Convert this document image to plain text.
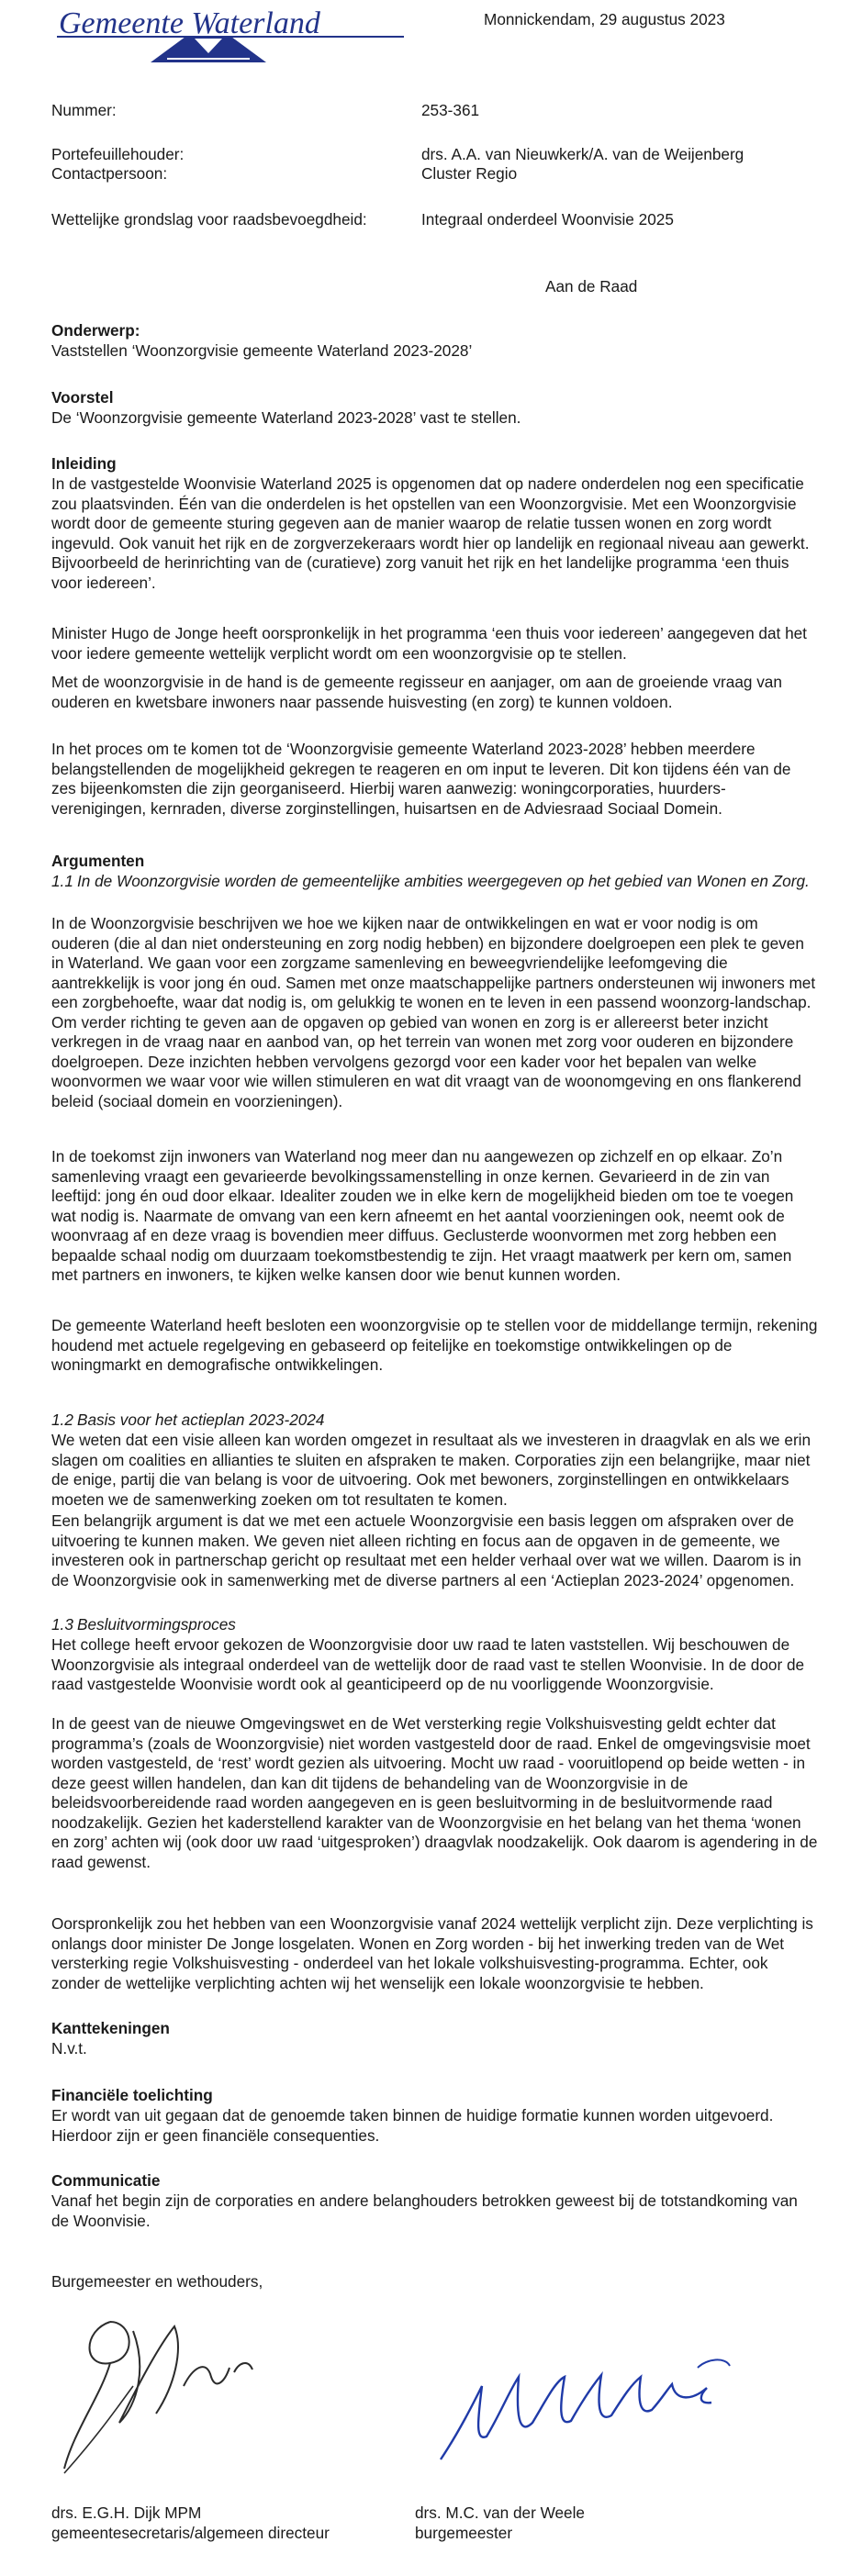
Gemeente Waterland	Monnickendam, 29 augustus 2023
Nummer:	253-361
Portefeuillehouder:	drs. A.A. van Nieuwkerk/A. van de Weijenberg
Contactpersoon:	Cluster Regio
Wettelijke grondslag voor raadsbevoegdheid:	Integraal onderdeel Woonvisie 2025
Aan de Raad
Onderwerp:
Vaststellen ‘Woonzorgvisie gemeente Waterland 2023-2028’
Voorstel
De ‘Woonzorgvisie gemeente Waterland 2023-2028’ vast te stellen.
Inleiding

In de vastgestelde Woonvisie Waterland 2025 is opgenomen dat op nadere onderdelen nog een specificatie zou plaatsvinden. Één van die onderdelen is het opstellen van een Woonzorgvisie. Met een Woonzorgvisie wordt door de gemeente sturing gegeven aan de manier waarop de relatie tussen wonen en zorg wordt ingevuld. Ook vanuit het rijk en de zorgverzekeraars wordt hier op landelijk en regionaal niveau aan gewerkt. Bijvoorbeeld de herinrichting van de (curatieve) zorg vanuit het rijk en het landelijke programma ‘een thuis voor iedereen’.

Minister Hugo de Jonge heeft oorspronkelijk in het programma ‘een thuis voor iedereen’ aangegeven dat het voor iedere gemeente wettelijk verplicht wordt om een woonzorgvisie op te stellen.

Met de woonzorgvisie in de hand is de gemeente regisseur en aanjager, om aan de groeiende vraag van ouderen en kwetsbare inwoners naar passende huisvesting (en zorg) te kunnen voldoen.

In het proces om te komen tot de ‘Woonzorgvisie gemeente Waterland 2023-2028’ hebben meerdere belangstellenden de mogelijkheid gekregen te reageren en om input te leveren. Dit kon tijdens één van de zes bijeenkomsten die zijn georganiseerd. Hierbij waren aanwezig: woningcorporaties, huurders-verenigingen, kernraden, diverse zorginstellingen, huisartsen en de Adviesraad Sociaal Domein.

Argumenten
1.1 In de Woonzorgvisie worden de gemeentelijke ambities weergegeven op het gebied van Wonen en Zorg.

In de Woonzorgvisie beschrijven we hoe we kijken naar de ontwikkelingen en wat er voor nodig is om ouderen (die al dan niet ondersteuning en zorg nodig hebben) en bijzondere doelgroepen een plek te geven in Waterland. We gaan voor een zorgzame samenleving en beweegvriendelijke leefomgeving die aantrekkelijk is voor jong én oud. Samen met onze maatschappelijke partners ondersteunen wij inwoners met een zorgbehoefte, waar dat nodig is, om gelukkig te wonen en te leven in een passend woonzorg-landschap. Om verder richting te geven aan de opgaven op gebied van wonen en zorg is er allereerst beter inzicht verkregen in de vraag naar en aanbod van, op het terrein van wonen met zorg voor ouderen en bijzondere doelgroepen. Deze inzichten hebben vervolgens gezorgd voor een kader voor het bepalen van welke woonvormen we waar voor wie willen stimuleren en wat dit vraagt van de woonomgeving en ons flankerend beleid (sociaal domein en voorzieningen).

In de toekomst zijn inwoners van Waterland nog meer dan nu aangewezen op zichzelf en op elkaar. Zo’n samenleving vraagt een gevarieerde bevolkingssamenstelling in onze kernen. Gevarieerd in de zin van leeftijd: jong én oud door elkaar. Idealiter zouden we in elke kern de mogelijkheid bieden om toe te voegen wat nodig is. Naarmate de omvang van een kern afneemt en het aantal voorzieningen ook, neemt ook de woonvraag af en deze vraag is bovendien meer diffuus. Geclusterde woonvormen met zorg hebben een bepaalde schaal nodig om duurzaam toekomstbestendig te zijn. Het vraagt maatwerk per kern om, samen met partners en inwoners, te kijken welke kansen door wie benut kunnen worden.

De gemeente Waterland heeft besloten een woonzorgvisie op te stellen voor de middellange termijn, rekening houdend met actuele regelgeving en gebaseerd op feitelijke en toekomstige ontwikkelingen op de woningmarkt en demografische ontwikkelingen.

1.2 Basis voor het actieplan 2023-2024

We weten dat een visie alleen kan worden omgezet in resultaat als we investeren in draagvlak en als we erin slagen om coalities en allianties te sluiten en afspraken te maken. Corporaties zijn een belangrijke, maar niet de enige, partij die van belang is voor de uitvoering. Ook met bewoners, zorginstellingen en ontwikkelaars moeten we de samenwerking zoeken om tot resultaten te komen.

Een belangrijk argument is dat we met een actuele Woonzorgvisie een basis leggen om afspraken over de uitvoering te kunnen maken. We geven niet alleen richting en focus aan de opgaven in de gemeente, we investeren ook in partnerschap gericht op resultaat met een helder verhaal over wat we willen. Daarom is in de Woonzorgvisie ook in samenwerking met de diverse partners al een ‘Actieplan 2023-2024’ opgenomen.

1.3 Besluitvormingsproces

Het college heeft ervoor gekozen de Woonzorgvisie door uw raad te laten vaststellen. Wij beschouwen de Woonzorgvisie als integraal onderdeel van de wettelijk door de raad vast te stellen Woonvisie. In de door de raad vastgestelde Woonvisie wordt ook al geanticipeerd op de nu voorliggende Woonzorgvisie.

In de geest van de nieuwe Omgevingswet en de Wet versterking regie Volkshuisvesting geldt echter dat programma’s (zoals de Woonzorgvisie) niet worden vastgesteld door de raad. Enkel de omgevingsvisie moet worden vastgesteld, de ‘rest’ wordt gezien als uitvoering. Mocht uw raad - vooruitlopend op beide wetten - in deze geest willen handelen, dan kan dit tijdens de behandeling van de Woonzorgvisie in de beleidsvoorbereidende raad worden aangegeven en is geen besluitvorming in de besluitvormende raad noodzakelijk. Gezien het kaderstellend karakter van de Woonzorgvisie en het belang van het thema ‘wonen en zorg’ achten wij (ook door uw raad ‘uitgesproken’) draagvlak noodzakelijk. Ook daarom is agendering in de raad gewenst.

Oorspronkelijk zou het hebben van een Woonzorgvisie vanaf 2024 wettelijk verplicht zijn. Deze verplichting is onlangs door minister De Jonge losgelaten. Wonen en Zorg worden - bij het inwerking treden van de Wet versterking regie Volkshuisvesting - onderdeel van het lokale volkshuisvesting-programma. Echter, ook zonder de wettelijke verplichting achten wij het wenselijk een lokale woonzorgvisie te hebben.

Kanttekeningen
N.v.t.
Financiële toelichting

Er wordt van uit gegaan dat de genoemde taken binnen de huidige formatie kunnen worden uitgevoerd. Hierdoor zijn er geen financiële consequenties.

Communicatie

Vanaf het begin zijn de corporaties en andere belanghouders betrokken geweest bij de totstandkoming van de Woonvisie.

Burgemeester en wethouders,
drs. E.G.H. Dijk MPM
gemeentesecretaris/algemeen directeur
drs. M.C. van der Weele
burgemeester
